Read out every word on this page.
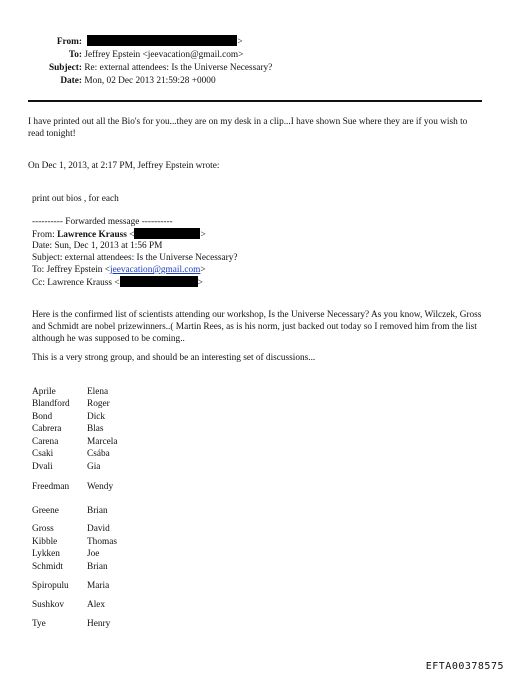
From:	>
To: Jeffrey Epstein <jeevacation@gmail.com>
Subject: Re: external attendees: Is the Universe Necessary?
Date: Mon, 02 Dec 2013 21:59:28 +0000
I have printed out all the Bio's for you...they are on my desk in a clip...I have shown Sue where they are if you wish to read tonight!
On Dec 1, 2013, at 2:17 PM, Jeffrey Epstein wrote:
print out bios , for each
---------- Forwarded message ----------
From: Lawrence Krauss <	>
Date: Sun, Dec 1, 2013 at 1:56 PM
Subject: external attendees: Is the Universe Necessary?
To: Jeffrey Epstein <jeevacation@gmail.com>
Cc: Lawrence Krauss <	>
Here is the confirmed list of scientists attending our workshop, Is the Universe Necessary? As you know, Wilczek, Gross and Schmidt are nobel prizewinners..( Martin Rees, as is his norm, just backed out today so I removed him from the list although he was supposed to be coming..
This is a very strong group, and should be an interesting set of discussions...
Aprile	Elena
Blandford Roger
Bond	Dick
Cabrera	Blas
Carena	Marcela
Csaki	Csába
Dvali	Gia
Freedman Wendy
Greene	Brian
Gross	David
Kibble	Thomas
Lykken	Joe
Schmidt	Brian
Spiropulu Maria
Sushkov Alex
Tye	Henry
EFTA00378575
